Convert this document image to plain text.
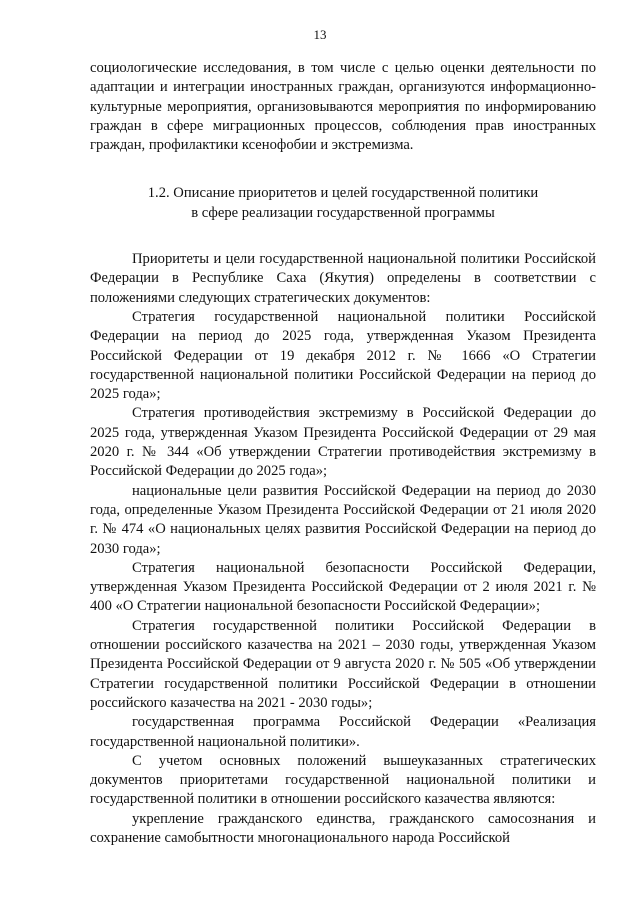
13

социологические исследования, в том числе с целью оценки деятельности по адаптации и интеграции иностранных граждан, организуются информационно-культурные мероприятия, организовываются мероприятия по информированию граждан в сфере миграционных процессов, соблюдения прав иностранных граждан, профилактики ксенофобии и экстремизма.

1.2. Описание приоритетов и целей государственной политики
в сфере реализации государственной программы

Приоритеты и цели государственной национальной политики Российской Федерации в Республике Саха (Якутия) определены в соответствии с положениями следующих стратегических документов:

Стратегия государственной национальной политики Российской Федерации на период до 2025 года, утвержденная Указом Президента Российской Федерации от 19 декабря 2012 г. № 1666 «О Стратегии государственной национальной политики Российской Федерации на период до 2025 года»;

Стратегия противодействия экстремизму в Российской Федерации до 2025 года, утвержденная Указом Президента Российской Федерации от 29 мая 2020 г. № 344 «Об утверждении Стратегии противодействия экстремизму в Российской Федерации до 2025 года»;

национальные цели развития Российской Федерации на период до 2030 года, определенные Указом Президента Российской Федерации от 21 июля 2020 г. № 474 «О национальных целях развития Российской Федерации на период до 2030 года»;

Стратегия национальной безопасности Российской Федерации, утвержденная Указом Президента Российской Федерации от 2 июля 2021 г. № 400 «О Стратегии национальной безопасности Российской Федерации»;

Стратегия государственной политики Российской Федерации в отношении российского казачества на 2021 – 2030 годы, утвержденная Указом Президента Российской Федерации от 9 августа 2020 г. № 505 «Об утверждении Стратегии государственной политики Российской Федерации в отношении российского казачества на 2021 - 2030 годы»;

государственная программа Российской Федерации «Реализация государственной национальной политики».

С учетом основных положений вышеуказанных стратегических документов приоритетами государственной национальной политики и государственной политики в отношении российского казачества являются:

укрепление гражданского единства, гражданского самосознания и сохранение самобытности многонационального народа Российской
